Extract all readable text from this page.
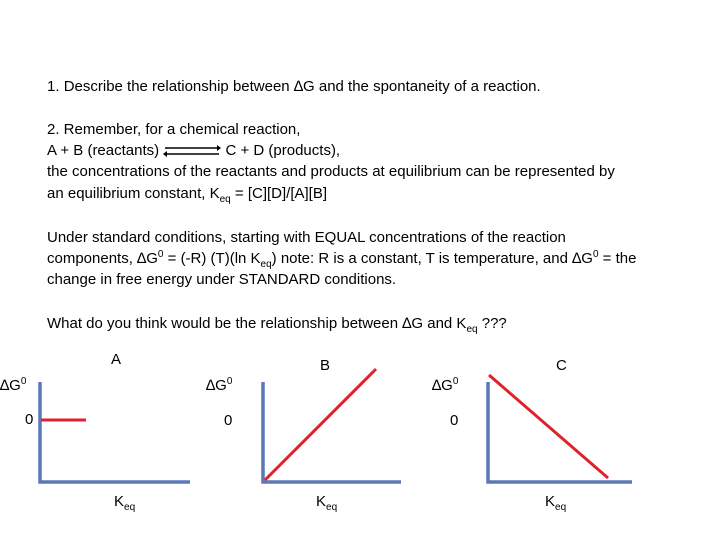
1. Describe the relationship between ∆G and the spontaneity of a reaction.
2. Remember, for a chemical reaction,
A + B (reactants) ⇌ C + D (products),
the concentrations of the reactants and products at equilibrium can be represented by
an equilibrium constant, $K_{eq} = [C][D]/[A][B]$
Under standard conditions, starting with EQUAL concentrations of the reaction
components, $\Delta G^0 = (-R)$ (T)(ln $K_{eq}$) note: R is a constant, T is temperature, and $\Delta G^0$ = the
change in free energy under STANDARD conditions.
What do you think would be the relationship between ∆G and $K_{eq}$ ???
A
$\Delta G^0$
0
$K_{eq}$
B
$\Delta G^0$
0
$K_{eq}$
C
$\Delta G^0$
0
$K_{eq}$
